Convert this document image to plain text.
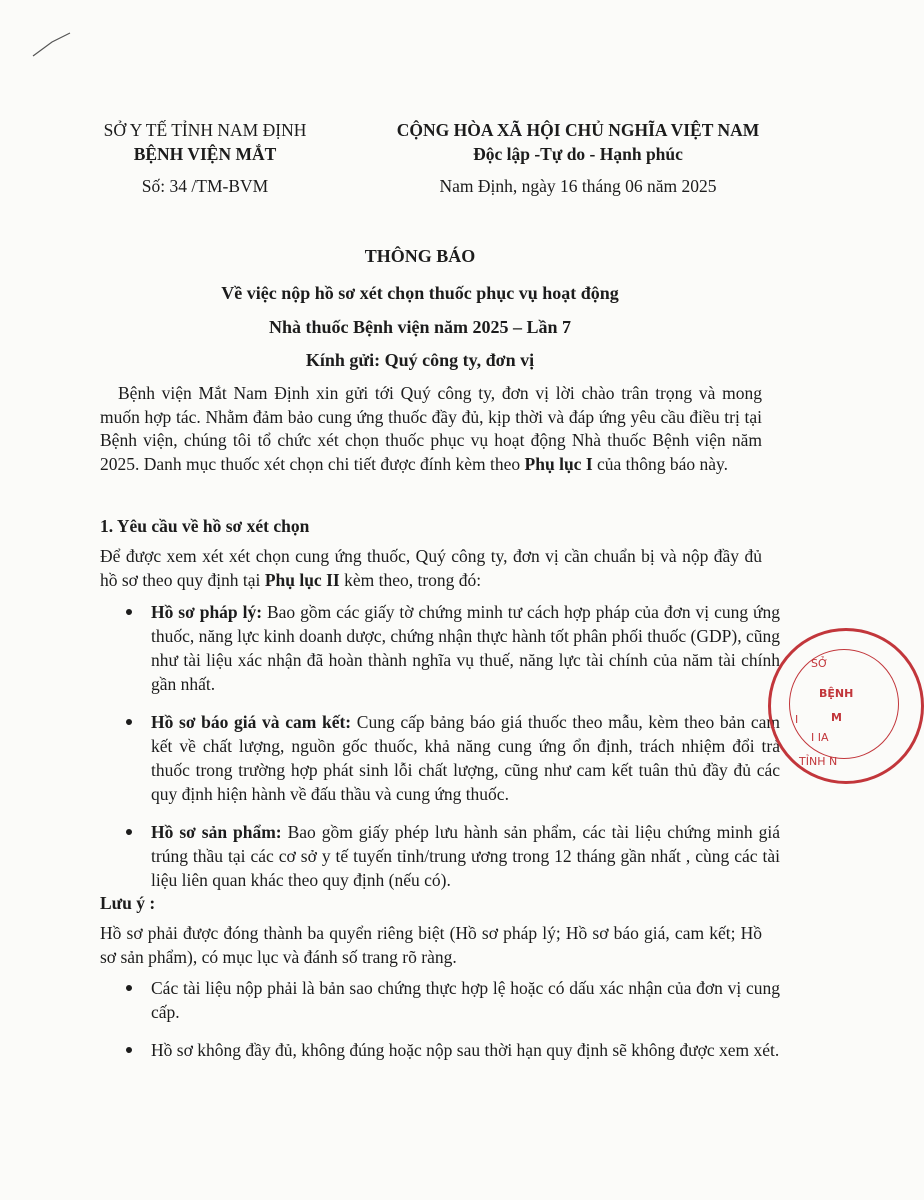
SỞ Y TẾ TỈNH NAM ĐỊNH
BỆNH VIỆN MẮT
Số: 34 /TM-BVM
CỘNG HÒA XÃ HỘI CHỦ NGHĨA VIỆT NAM
Độc lập -Tự do - Hạnh phúc
Nam Định, ngày 16 tháng 06 năm 2025
THÔNG BÁO
Về việc nộp hồ sơ xét chọn thuốc phục vụ hoạt động
Nhà thuốc Bệnh viện năm 2025 – Lần 7
Kính gửi: Quý công ty, đơn vị
Bệnh viện Mắt Nam Định xin gửi tới Quý công ty, đơn vị lời chào trân trọng và mong muốn hợp tác. Nhằm đảm bảo cung ứng thuốc đầy đủ, kịp thời và đáp ứng yêu cầu điều trị tại Bệnh viện, chúng tôi tổ chức xét chọn thuốc phục vụ hoạt động Nhà thuốc Bệnh viện năm 2025. Danh mục thuốc xét chọn chi tiết được đính kèm theo Phụ lục I của thông báo này.
1. Yêu cầu về hồ sơ xét chọn
Để được xem xét xét chọn cung ứng thuốc, Quý công ty, đơn vị cần chuẩn bị và nộp đầy đủ hồ sơ theo quy định tại Phụ lục II kèm theo, trong đó:
Hồ sơ pháp lý: Bao gồm các giấy tờ chứng minh tư cách hợp pháp của đơn vị cung ứng thuốc, năng lực kinh doanh dược, chứng nhận thực hành tốt phân phối thuốc (GDP), cũng như tài liệu xác nhận đã hoàn thành nghĩa vụ thuế, năng lực tài chính của năm tài chính gần nhất.
Hồ sơ báo giá và cam kết: Cung cấp bảng báo giá thuốc theo mẫu, kèm theo bản cam kết về chất lượng, nguồn gốc thuốc, khả năng cung ứng ổn định, trách nhiệm đổi trả thuốc trong trường hợp phát sinh lỗi chất lượng, cũng như cam kết tuân thủ đầy đủ các quy định hiện hành về đấu thầu và cung ứng thuốc.
Hồ sơ sản phẩm: Bao gồm giấy phép lưu hành sản phẩm, các tài liệu chứng minh giá trúng thầu tại các cơ sở y tế tuyến tỉnh/trung ương trong 12 tháng gần nhất , cùng các tài liệu liên quan khác theo quy định (nếu có).
Lưu ý :
Hồ sơ phải được đóng thành ba quyển riêng biệt (Hồ sơ pháp lý; Hồ sơ báo giá, cam kết; Hồ sơ sản phẩm), có mục lục và đánh số trang rõ ràng.
Các tài liệu nộp phải là bản sao chứng thực hợp lệ hoặc có dấu xác nhận của đơn vị cung cấp.
Hồ sơ không đầy đủ, không đúng hoặc nộp sau thời hạn quy định sẽ không được xem xét.
SỞ
BỆNH
I	M
I IA
TỈNH N
